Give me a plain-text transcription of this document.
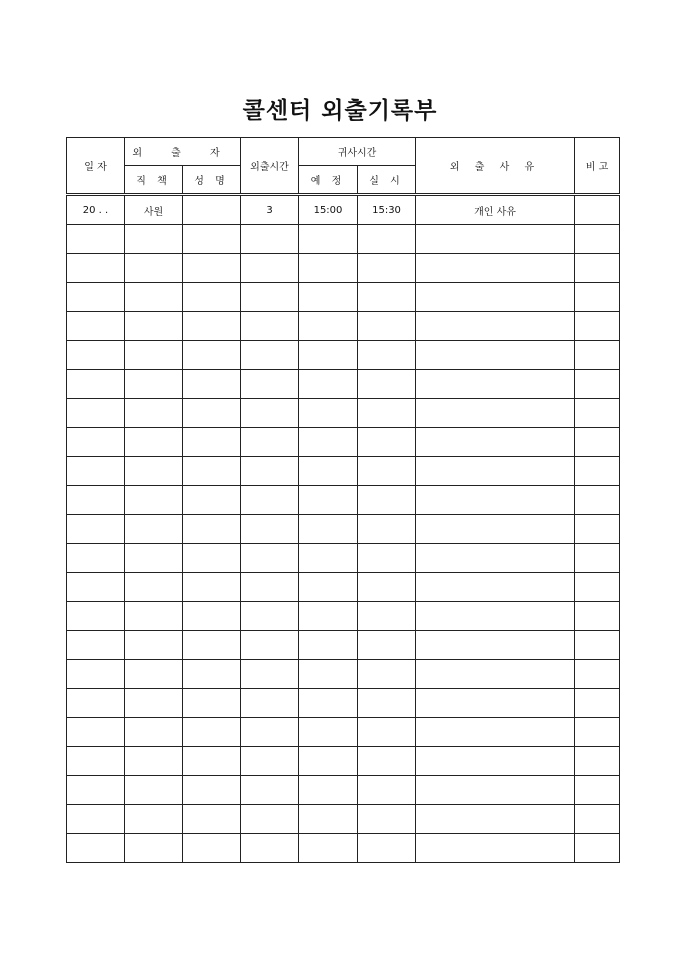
콜센터 외출기록부
일 자	외 출 자		외출시간	귀사시간		외 출 사 유	비 고
	직 책	성 명		예 정	실 시		
20 . .	사원		3	15:00	15:30	개인 사유	
